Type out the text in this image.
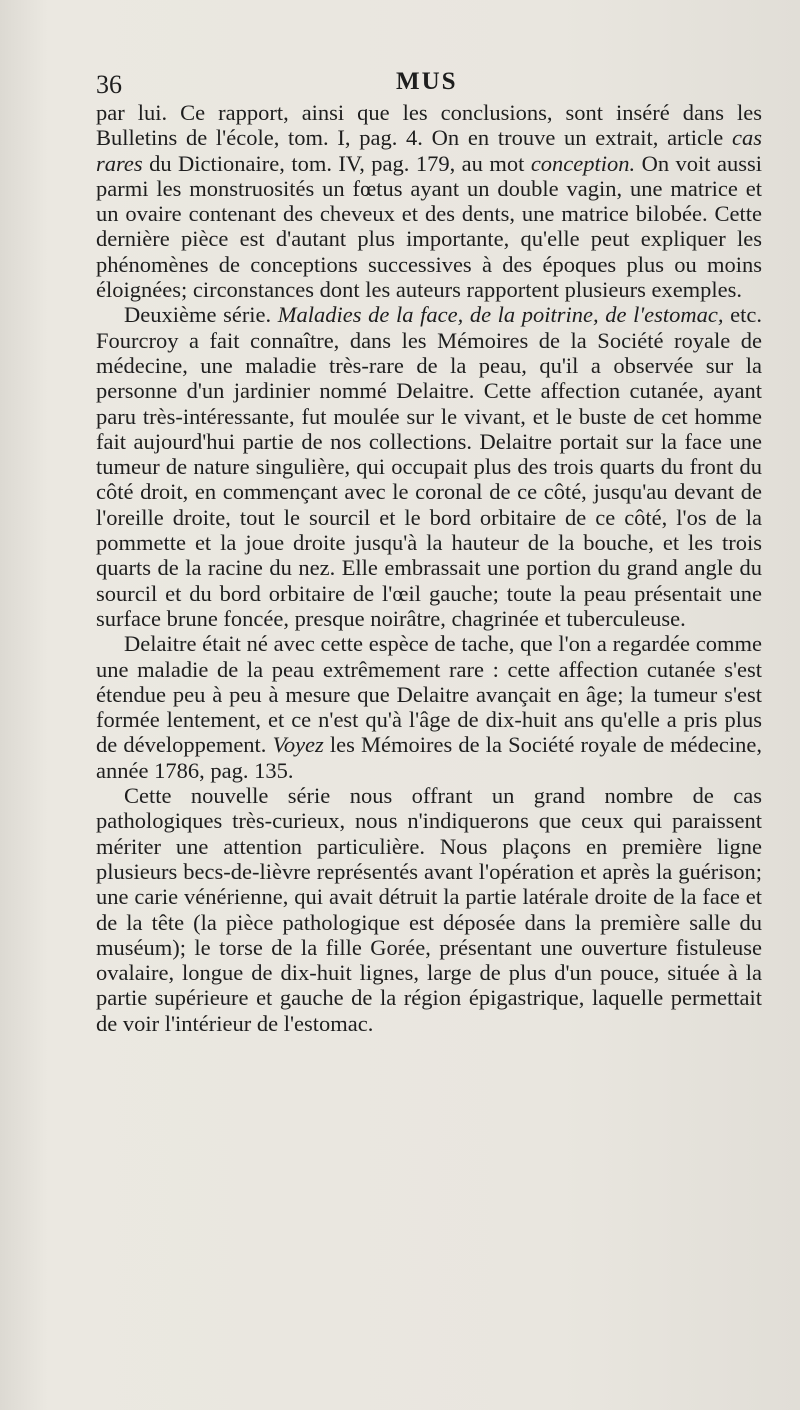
36	MUS

par lui. Ce rapport, ainsi que les conclusions, sont inséré dans les Bulletins de l'école, tom. I, pag. 4. On en trouve un extrait, article cas rares du Dictionaire, tom. IV, pag. 179, au mot conception. On voit aussi parmi les monstruosités un fœtus ayant un double vagin, une matrice et un ovaire contenant des cheveux et des dents, une matrice bilobée. Cette dernière pièce est d'autant plus importante, qu'elle peut expliquer les phénomènes de conceptions successives à des époques plus ou moins éloignées; circonstances dont les auteurs rapportent plusieurs exemples.

Deuxième série. Maladies de la face, de la poitrine, de l'estomac, etc. Fourcroy a fait connaître, dans les Mémoires de la Société royale de médecine, une maladie très-rare de la peau, qu'il a observée sur la personne d'un jardinier nommé Delaitre. Cette affection cutanée, ayant paru très-intéressante, fut moulée sur le vivant, et le buste de cet homme fait aujourd'hui partie de nos collections. Delaitre portait sur la face une tumeur de nature singulière, qui occupait plus des trois quarts du front du côté droit, en commençant avec le coronal de ce côté, jusqu'au devant de l'oreille droite, tout le sourcil et le bord orbitaire de ce côté, l'os de la pommette et la joue droite jusqu'à la hauteur de la bouche, et les trois quarts de la racine du nez. Elle embrassait une portion du grand angle du sourcil et du bord orbitaire de l'œil gauche; toute la peau présentait une surface brune foncée, presque noirâtre, chagrinée et tuberculeuse.

Delaitre était né avec cette espèce de tache, que l'on a regardée comme une maladie de la peau extrêmement rare : cette affection cutanée s'est étendue peu à peu à mesure que Delaitre avançait en âge; la tumeur s'est formée lentement, et ce n'est qu'à l'âge de dix-huit ans qu'elle a pris plus de développement. Voyez les Mémoires de la Société royale de médecine, année 1786, pag. 135.

Cette nouvelle série nous offrant un grand nombre de cas pathologiques très-curieux, nous n'indiquerons que ceux qui paraissent mériter une attention particulière. Nous plaçons en première ligne plusieurs becs-de-lièvre représentés avant l'opération et après la guérison; une carie vénérienne, qui avait détruit la partie latérale droite de la face et de la tête (la pièce pathologique est déposée dans la première salle du muséum); le torse de la fille Gorée, présentant une ouverture fistuleuse ovalaire, longue de dix-huit lignes, large de plus d'un pouce, située à la partie supérieure et gauche de la région épigastrique, laquelle permettait de voir l'intérieur de l'estomac.
